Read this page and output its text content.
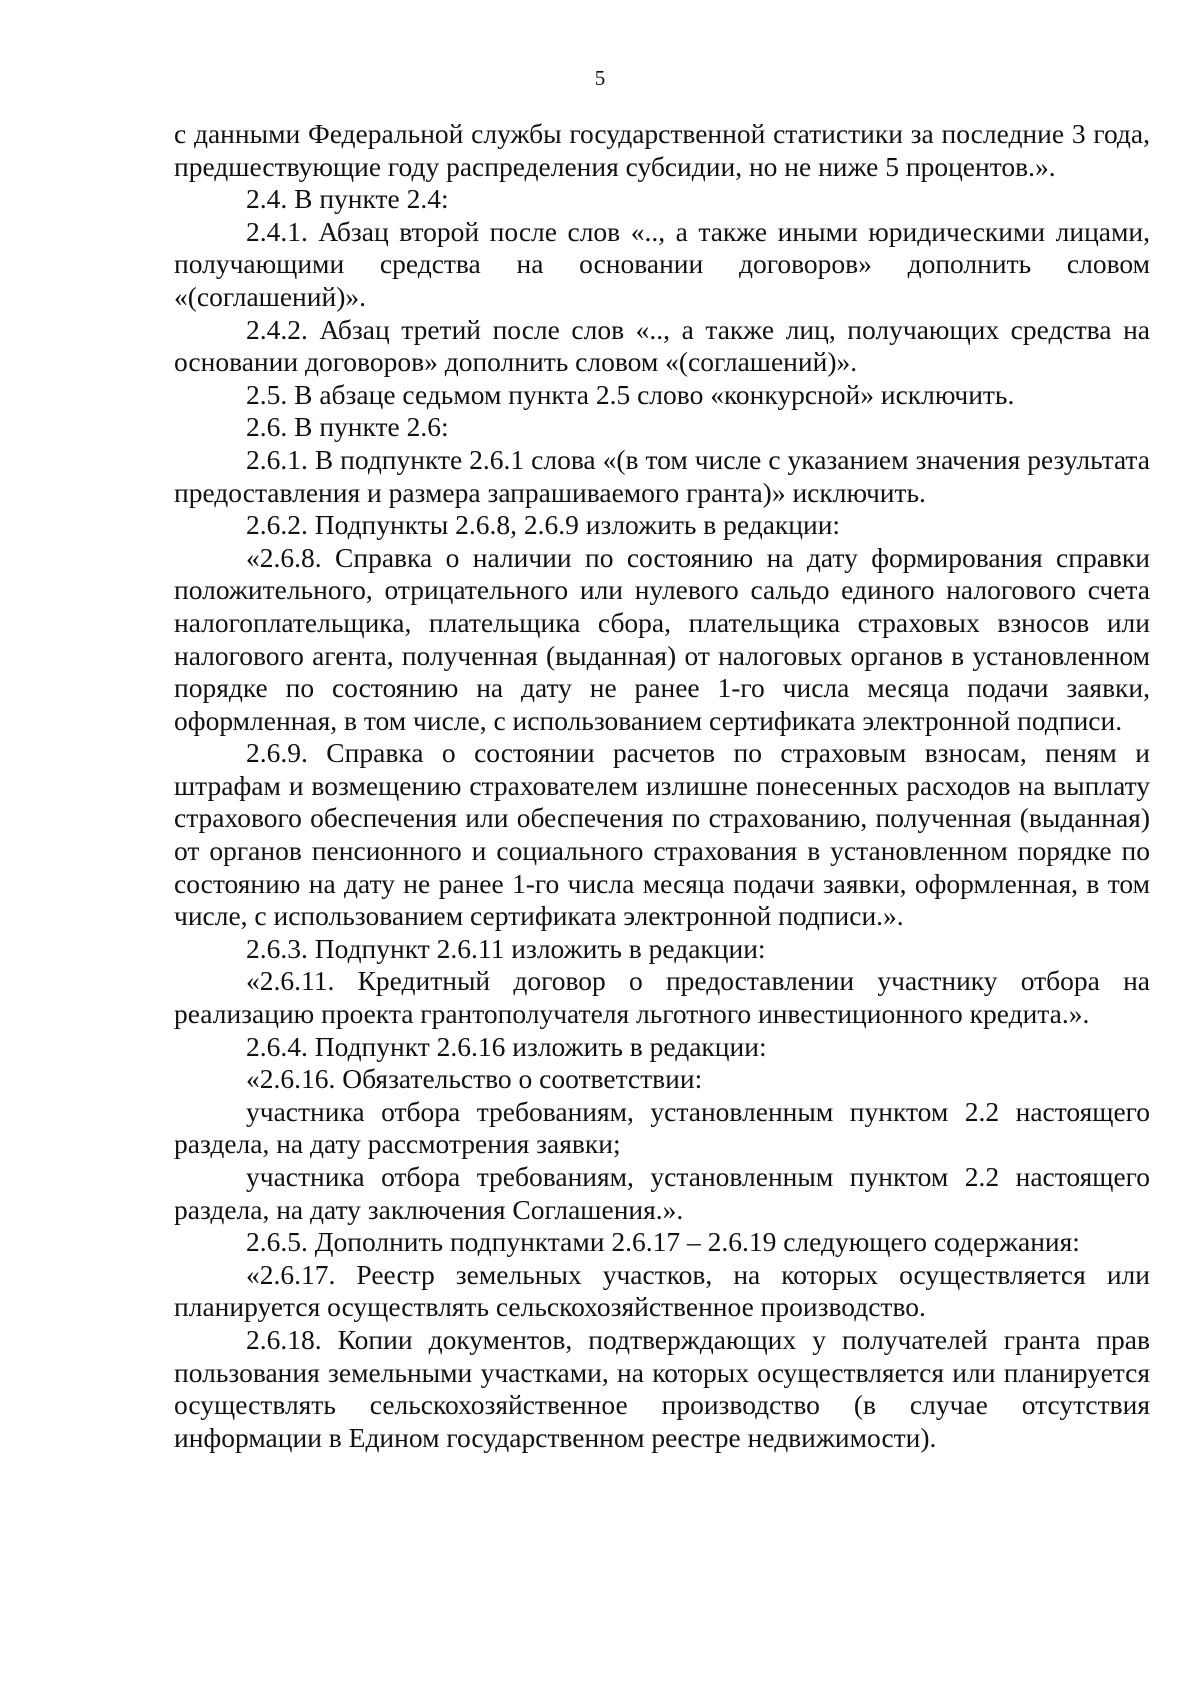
5

с данными Федеральной службы государственной статистики за последние 3 года, предшествующие году распределения субсидии, но не ниже 5 процентов.».

2.4. В пункте 2.4:

2.4.1. Абзац второй после слов «.., а также иными юридическими лицами, получающими средства на основании договоров» дополнить словом «(соглашений)».

2.4.2. Абзац третий после слов «.., а также лиц, получающих средства на основании договоров» дополнить словом «(соглашений)».

2.5. В абзаце седьмом пункта 2.5 слово «конкурсной» исключить.

2.6. В пункте 2.6:

2.6.1. В подпункте 2.6.1 слова «(в том числе с указанием значения результата предоставления и размера запрашиваемого гранта)» исключить.

2.6.2. Подпункты 2.6.8, 2.6.9 изложить в редакции:

«2.6.8. Справка о наличии по состоянию на дату формирования справки положительного, отрицательного или нулевого сальдо единого налогового счета налогоплательщика, плательщика сбора, плательщика страховых взносов или налогового агента, полученная (выданная) от налоговых органов в установленном порядке по состоянию на дату не ранее 1-го числа месяца подачи заявки, оформленная, в том числе, с использованием сертификата электронной подписи.

2.6.9. Справка о состоянии расчетов по страховым взносам, пеням и штрафам и возмещению страхователем излишне понесенных расходов на выплату страхового обеспечения или обеспечения по страхованию, полученная (выданная) от органов пенсионного и социального страхования в установленном порядке по состоянию на дату не ранее 1-го числа месяца подачи заявки, оформленная, в том числе, с использованием сертификата электронной подписи.».

2.6.3. Подпункт 2.6.11 изложить в редакции:

«2.6.11. Кредитный договор о предоставлении участнику отбора на реализацию проекта грантополучателя льготного инвестиционного кредита.».

2.6.4. Подпункт 2.6.16 изложить в редакции:

«2.6.16. Обязательство о соответствии:

участника отбора требованиям, установленным пунктом 2.2 настоящего раздела, на дату рассмотрения заявки;

участника отбора требованиям, установленным пунктом 2.2 настоящего раздела, на дату заключения Соглашения.».

2.6.5. Дополнить подпунктами 2.6.17 – 2.6.19 следующего содержания:

«2.6.17. Реестр земельных участков, на которых осуществляется или планируется осуществлять сельскохозяйственное производство.

2.6.18. Копии документов, подтверждающих у получателей гранта прав пользования земельными участками, на которых осуществляется или планируется осуществлять сельскохозяйственное производство (в случае отсутствия информации в Едином государственном реестре недвижимости).
